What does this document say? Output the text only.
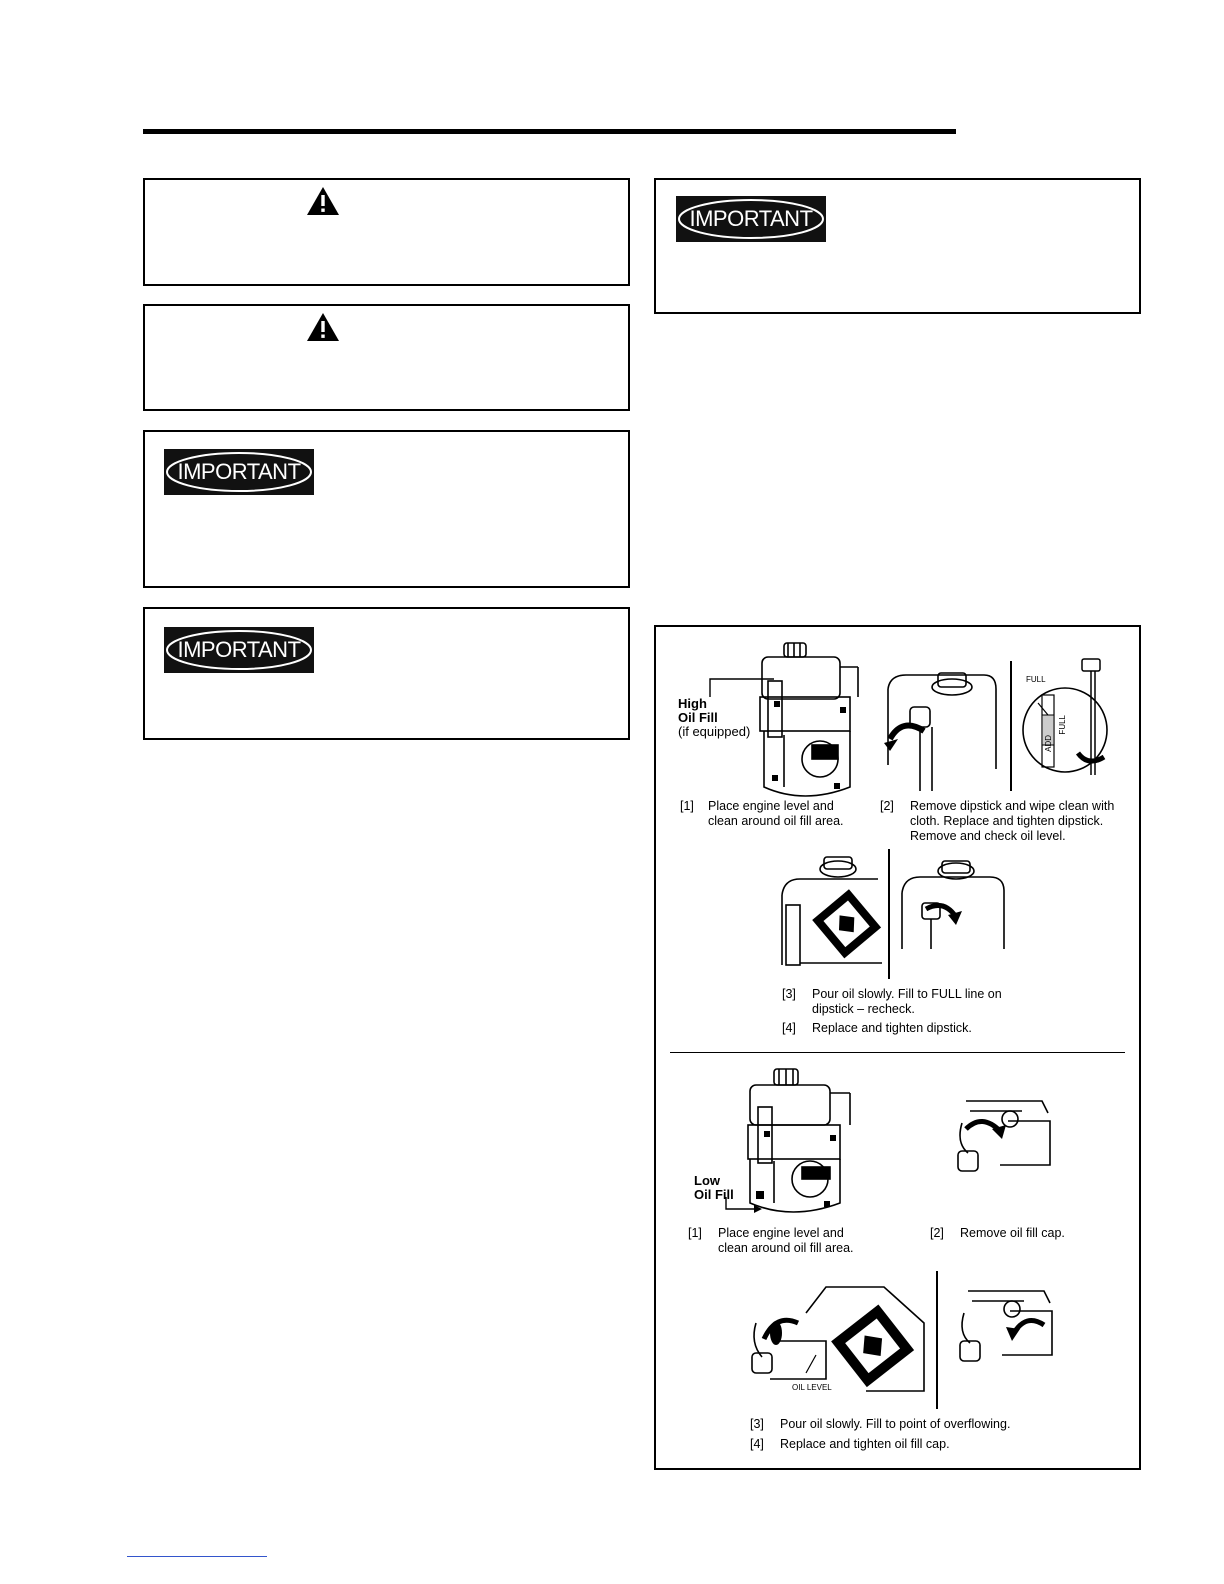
IMPORTANT
IMPORTANT
IMPORTANT
High
Oil Fill
(if equipped)
[1] Place engine level and
clean around oil fill area.
FULL
FULL
ADD
[2] Remove dipstick and wipe clean with
cloth. Replace and tighten dipstick.
Remove and check oil level.
[3] Pour oil slowly. Fill to FULL line on
dipstick – recheck.
[4] Replace and tighten dipstick.
Low
Oil Fill
[1] Place engine level and
clean around oil fill area.
[2] Remove oil fill cap.
OIL LEVEL
[3] Pour oil slowly. Fill to point of overflowing.
[4] Replace and tighten oil fill cap.
